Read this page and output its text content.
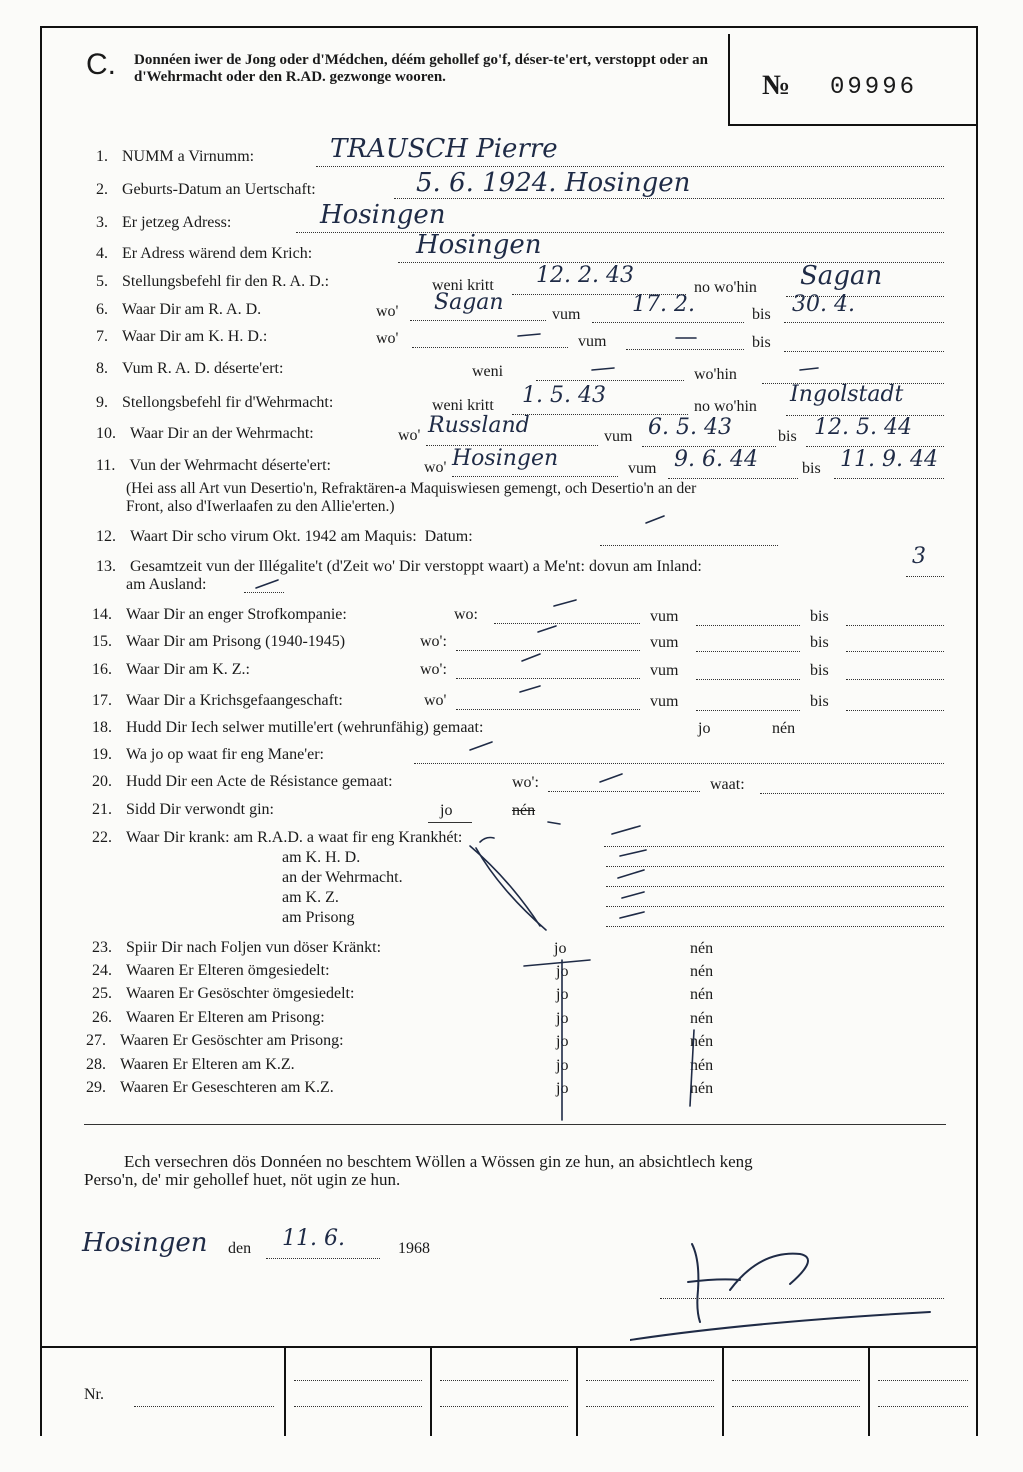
C. Donnéen iwer de Jong oder d'Médchen, déém gehollef go'f, déser-te'ert, verstoppt oder an d'Wehrmacht oder den R.AD. gezwonge wooren.	№ 09996
1. NUMM a Virnumm:	TRAUSCH Pierre
2. Geburts-Datum an Uertschaft:	5. 6. 1924. Hosingen
3. Er jetzeg Adress:	Hosingen
4. Er Adress wärend dem Krich:	Hosingen
5. Stellungsbefehl fir den R. A. D.:	weni kritt 12. 2. 43	no wo'hin Sagan
6. Waar Dir am R. A. D.	wo' Sagan	vum 17. 2.	bis 30. 4.
7. Waar Dir am K. H. D.:	wo'	vum	bis
8. Vum R. A. D. déserte'ert:	weni	wo'hin
9. Stellongsbefehl fir d'Wehrmacht:	weni kritt 1. 5. 43	no wo'hin Ingolstadt
10. Waar Dir an der Wehrmacht:	wo' Russland	vum 6. 5. 43	bis 12. 5. 44
11. Vun der Wehrmacht déserte'ert:	wo' Hosingen	vum 9. 6. 44	bis 11. 9. 44
(Hei ass all Art vun Desertio'n, Refraktären-a Maquiswiesen gemengt, och Desertio'n an der
Front, also d'Iwerlaafen zu den Allie'erten.)
12. Waart Dir scho virum Okt. 1942 am Maquis: Datum:
13. Gesamtzeit vun der Illégalite't (d'Zeit wo' Dir verstoppt waart) a Me'nt: dovun am Inland:	3
am Ausland:
14. Waar Dir an enger Strofkompanie:	wo:	vum	bis
15. Waar Dir am Prisong (1940-1945)	wo':	vum	bis
16. Waar Dir am K. Z.:	wo':	vum	bis
17. Waar Dir a Krichsgefaangeschaft:	wo'	vum	bis
18. Hudd Dir Iech selwer mutille'ert (wehrunfähig) gemaat:	jo	nén
19. Wa jo op waat fir eng Mane'er:
20. Hudd Dir een Acte de Résistance gemaat:	wo':	waat:
21. Sidd Dir verwondt gin:	jo	nén
22. Waar Dir krank: am R.A.D. a waat fir eng Krankhét:
am K. H. D.
an der Wehrmacht.
am K. Z.
am Prisong
23. Spiir Dir nach Foljen vun döser Kränkt:	jo	nén
24. Waaren Er Elteren ömgesiedelt:	jo	nén
25. Waaren Er Gesöschter ömgesiedelt:	jo	nén
26. Waaren Er Elteren am Prisong:	jo	nén
27. Waaren Er Gesöschter am Prisong:	jo	nén
28. Waaren Er Elteren am K.Z.	jo	nén
29. Waaren Er Geseschteren am K.Z.	jo	nén
Ech versechren dös Donnéen no beschtem Wöllen a Wössen gin ze hun, an absichtlech keng
Perso'n, de' mir gehollef huet, nöt ugin ze hun.
Hosingen den 11. 6.	1968
Nr.
